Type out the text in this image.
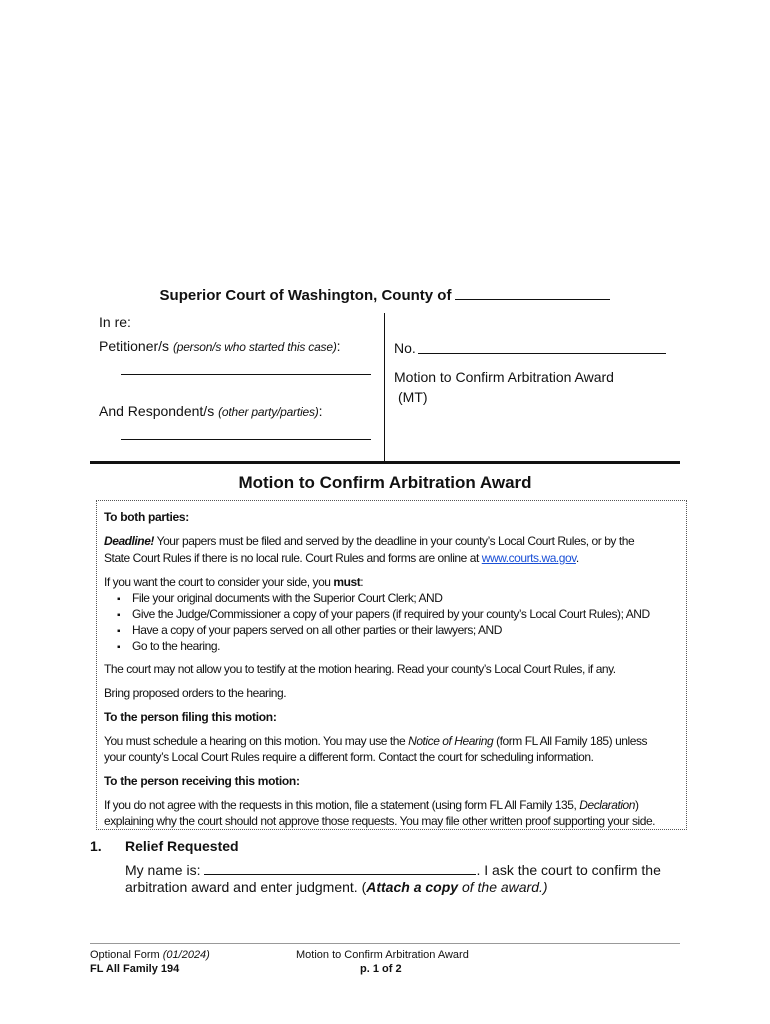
Superior Court of Washington, County of
In re:
Petitioner/s (person/s who started this case):
And Respondent/s (other party/parties):
No.
Motion to Confirm Arbitration Award
(MT)
Motion to Confirm Arbitration Award
To both parties:
Deadline! Your papers must be filed and served by the deadline in your county’s Local Court Rules, or by the
State Court Rules if there is no local rule. Court Rules and forms are online at www.courts.wa.gov.
If you want the court to consider your side, you must:
▪ File your original documents with the Superior Court Clerk; AND
▪ Give the Judge/Commissioner a copy of your papers (if required by your county’s Local Court Rules); AND
▪ Have a copy of your papers served on all other parties or their lawyers; AND
▪ Go to the hearing.
The court may not allow you to testify at the motion hearing. Read your county’s Local Court Rules, if any.
Bring proposed orders to the hearing.
To the person filing this motion:
You must schedule a hearing on this motion. You may use the Notice of Hearing (form FL All Family 185) unless
your county’s Local Court Rules require a different form. Contact the court for scheduling information.
To the person receiving this motion:
If you do not agree with the requests in this motion, file a statement (using form FL All Family 135, Declaration)
explaining why the court should not approve those requests. You may file other written proof supporting your side.
1. Relief Requested
My name is:	. I ask the court to confirm the
arbitration award and enter judgment. (Attach a copy of the award.)
Optional Form (01/2024)
FL All Family 194
Motion to Confirm Arbitration Award
p. 1 of 2
